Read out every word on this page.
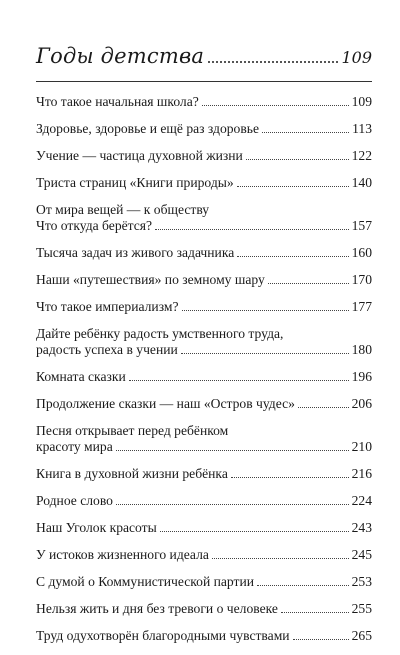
Годы детства	109
Что такое начальная школа?	109
Здоровье, здоровье и ещё раз здоровье	113
Учение — частица духовной жизни	122
Триста страниц «Книги природы»	140
От мира вещей — к обществу
Что откуда берётся?	157
Тысяча задач из живого задачника	160
Наши «путешествия» по земному шару	170
Что такое империализм?	177
Дайте ребёнку радость умственного труда,
радость успеха в учении	180
Комната сказки	196
Продолжение сказки — наш «Остров чудес»	206
Песня открывает перед ребёнком
красоту мира	210
Книга в духовной жизни ребёнка	216
Родное слово	224
Наш Уголок красоты	243
У истоков жизненного идеала	245
С думой о Коммунистической партии	253
Нельзя жить и дня без тревоги о человеке	255
Труд одухотворён благородными чувствами	265
